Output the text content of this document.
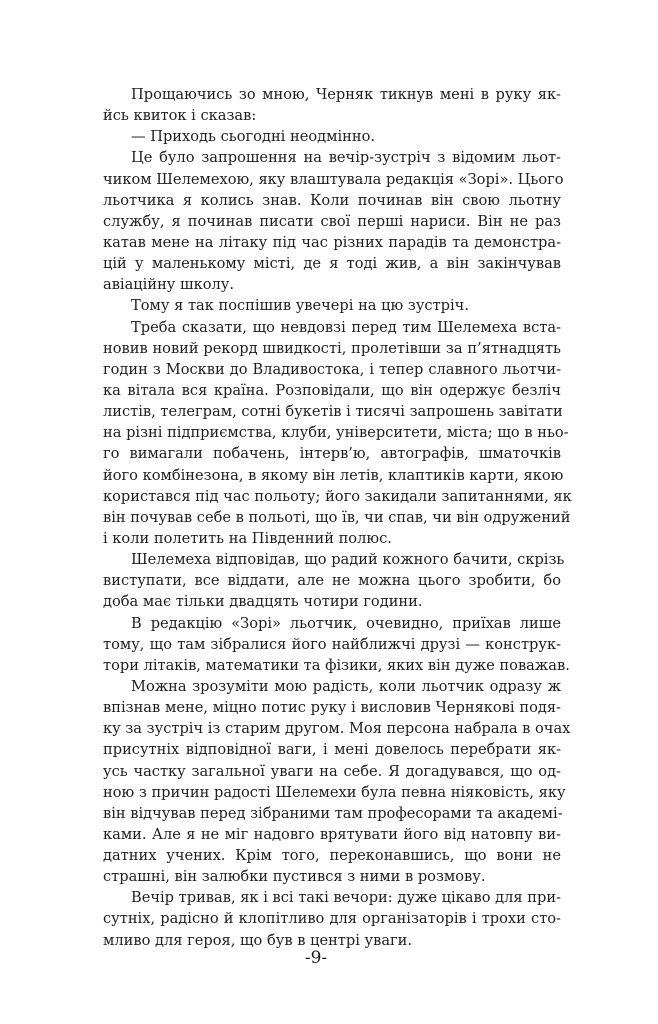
Прощаючись зо мною, Черняк тикнув мені в руку як-
йсь квиток і сказав:
— Приходь сьогодні неодмінно.
Це було запрошення на вечір-зустріч з відомим льот-
чиком Шелемехою, яку влаштувала редакція «Зорі». Цього
льотчика я колись знав. Коли починав він свою льотну
службу, я починав писати свої перші нариси. Він не раз
катав мене на літаку під час різних парадів та демонстра-
цій у маленькому місті, де я тоді жив, а він закінчував
авіаційну школу.
Тому я так поспішив увечері на цю зустріч.
Треба сказати, що невдовзі перед тим Шелемеха вста-
новив новий рекорд швидкості, пролетівши за п’ятнадцять
годин з Москви до Владивостока, і тепер славного льотчи-
ка вітала вся країна. Розповідали, що він одержує безліч
листів, телеграм, сотні букетів і тисячі запрошень завітати
на різні підприємства, клуби, університети, міста; що в ньо-
го вимагали побачень, інтерв’ю, автографів, шматочків
його комбінезона, в якому він летів, клаптиків карти, якою
користався під час польоту; його закидали запитаннями, як
він почував себе в польоті, що їв, чи спав, чи він одружений
і коли полетить на Південний полюс.
Шелемеха відповідав, що радий кожного бачити, скрізь
виступати, все віддати, але не можна цього зробити, бо
доба має тільки двадцять чотири години.
В редакцію «Зорі» льотчик, очевидно, приїхав лише
тому, що там зібралися його найближчі друзі — конструк-
тори літаків, математики та фізики, яких він дуже поважав.
Можна зрозуміти мою радість, коли льотчик одразу ж
впізнав мене, міцно потис руку і висловив Черняковi подя-
ку за зустріч із старим другом. Моя персона набрала в очах
присутніх відповідної ваги, і мені довелось перебрати як-
усь частку загальної уваги на себе. Я догадувався, що од-
ною з причин радості Шелемехи була певна ніяковість, яку
він відчував перед зібраними там професорами та академі-
ками. Але я не міг надовго врятувати його від натовпу ви-
датних учених. Крім того, переконавшись, що вони не
страшні, він залюбки пустився з ними в розмову.
Вечір тривав, як і всі такі вечори: дуже цікаво для при-
сутніх, радісно й клопітливо для організаторів і трохи сто-
мливо для героя, що був в центрі уваги.
-9-
